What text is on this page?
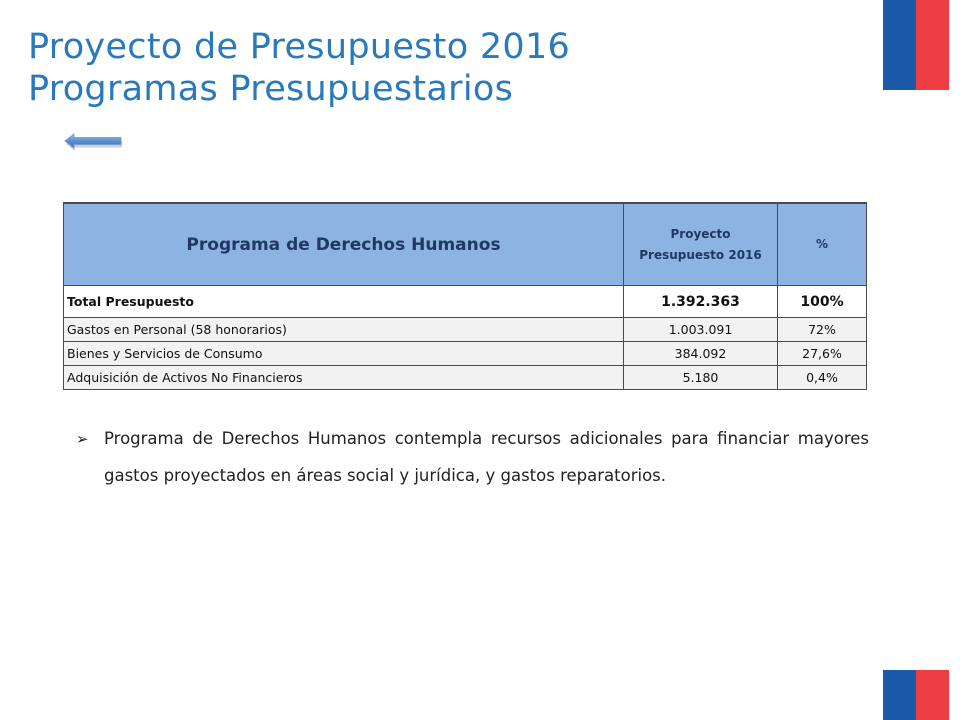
Proyecto de Presupuesto 2016
Programas Presupuestarios
Programa de Derechos Humanos	Proyecto Presupuesto 2016	%
Total Presupuesto	1.392.363	100%
Gastos en Personal (58 honorarios)	1.003.091	72%
Bienes y Servicios de Consumo	384.092	27,6%
Adquisición de Activos No Financieros	5.180	0,4%
➢ Programa de Derechos Humanos contempla recursos adicionales para financiar mayores gastos proyectados en áreas social y jurídica, y gastos reparatorios.
